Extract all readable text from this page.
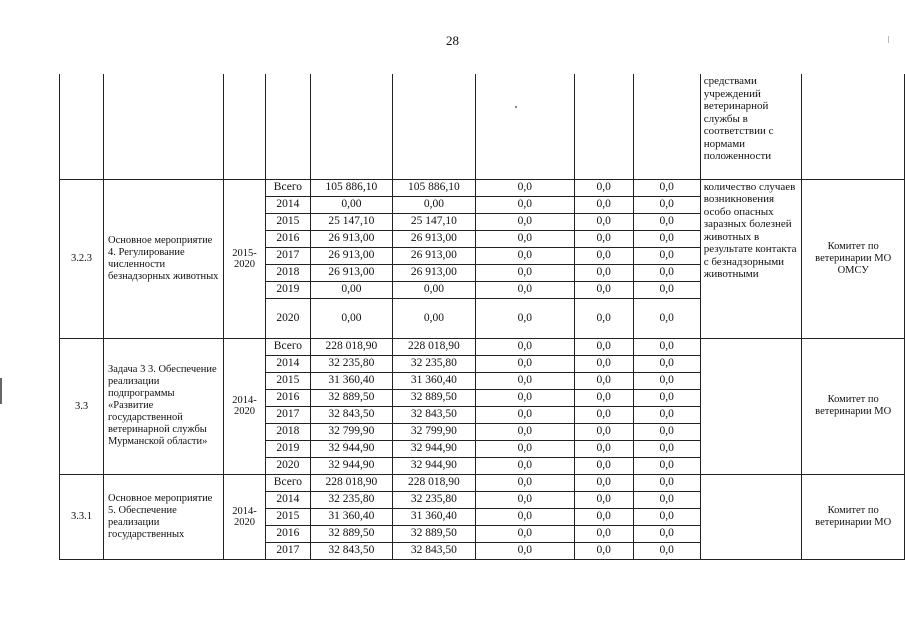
28
									средствами учреждений ветеринарной службы в соответствии с нормами положенности	
3.2.3	Основное мероприятие 4. Регулирование численности безнадзорных животных	2015-2020	Всего	105 886,10	105 886,10	0,0	0,0	0,0	количество случаев возникновения особо опасных заразных болезней животных в результате контакта с безнадзорными животными	Комитет по ветеринарии МО ОМСУ
			2014	0,00	0,00	0,0	0,0	0,0		
			2015	25 147,10	25 147,10	0,0	0,0	0,0		
			2016	26 913,00	26 913,00	0,0	0,0	0,0		
			2017	26 913,00	26 913,00	0,0	0,0	0,0		
			2018	26 913,00	26 913,00	0,0	0,0	0,0		
			2019	0,00	0,00	0,0	0,0	0,0		
			2020	0,00	0,00	0,0	0,0	0,0		
3.3	Задача 3 3. Обеспечение реализации подпрограммы «Развитие государственной ветеринарной службы Мурманской области»	2014-2020	Всего	228 018,90	228 018,90	0,0	0,0	0,0		Комитет по ветеринарии МО
			2014	32 235,80	32 235,80	0,0	0,0	0,0		
			2015	31 360,40	31 360,40	0,0	0,0	0,0		
			2016	32 889,50	32 889,50	0,0	0,0	0,0		
			2017	32 843,50	32 843,50	0,0	0,0	0,0		
			2018	32 799,90	32 799,90	0,0	0,0	0,0		
			2019	32 944,90	32 944,90	0,0	0,0	0,0		
			2020	32 944,90	32 944,90	0,0	0,0	0,0		
3.3.1	Основное мероприятие 5. Обеспечение реализации государственных	2014-2020	Всего	228 018,90	228 018,90	0,0	0,0	0,0		Комитет по ветеринарии МО
			2014	32 235,80	32 235,80	0,0	0,0	0,0		
			2015	31 360,40	31 360,40	0,0	0,0	0,0		
			2016	32 889,50	32 889,50	0,0	0,0	0,0		
			2017	32 843,50	32 843,50	0,0	0,0	0,0		
